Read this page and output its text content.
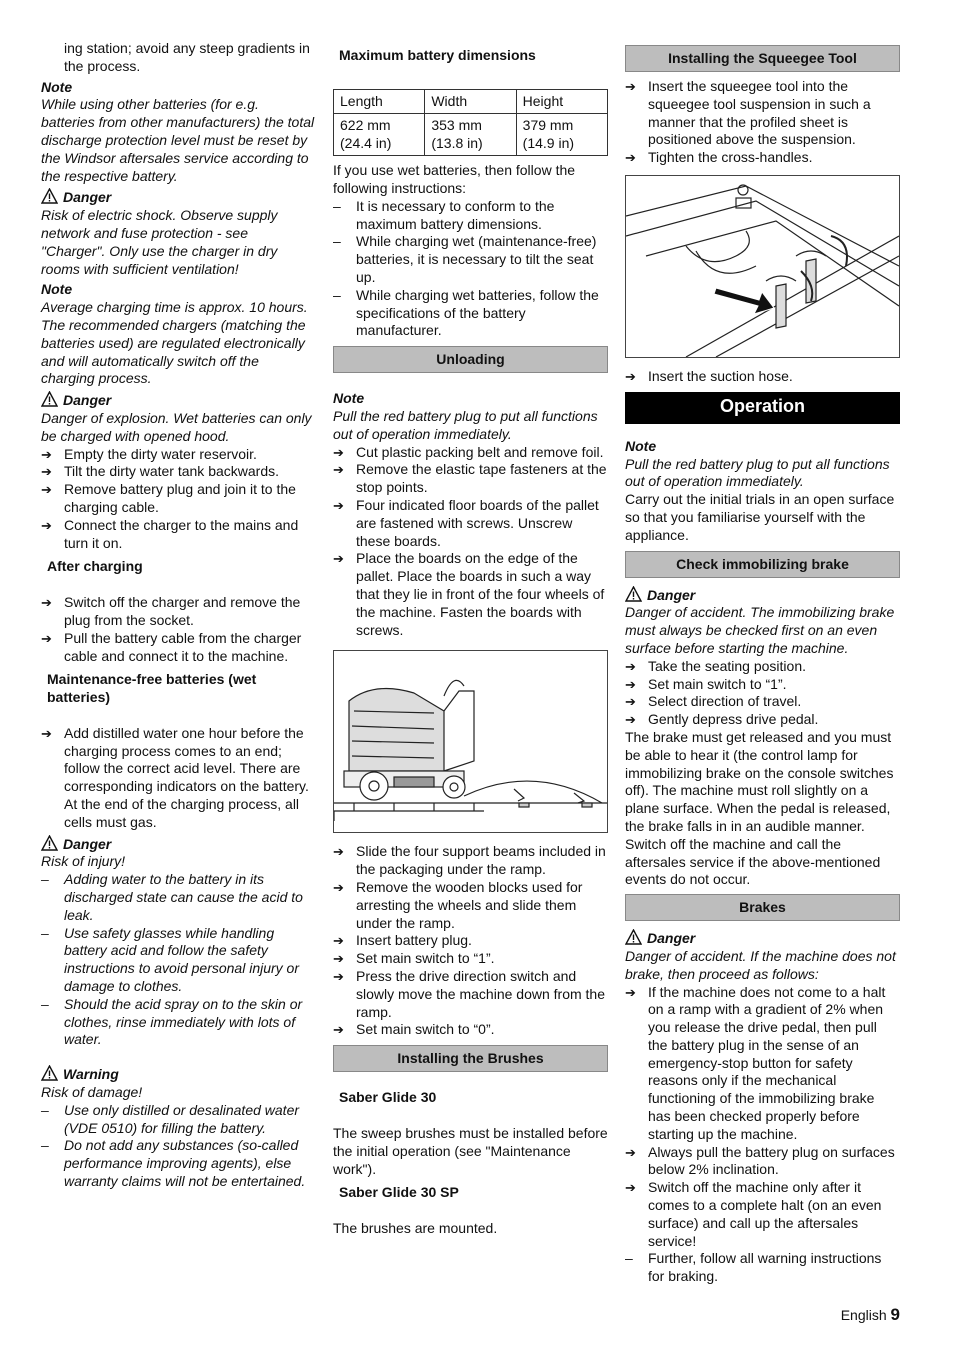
ing station; avoid any steep gradients in the process.

Note

While using other batteries (for e.g. batteries from other manufacturers) the total discharge protection level must be reset by the Windsor aftersales service according to the respective battery.

Danger

Risk of electric shock. Observe supply network and fuse protection - see "Charger". Only use the charger in dry rooms with sufficient ventilation!

Note

Average charging time is approx. 10 hours. The recommended chargers (matching the batteries used) are regulated electronically and will automatically switch off the charging process.

Danger

Danger of explosion. Wet batteries can only be charged with opened hood.

➔ Empty the dirty water reservoir.

➔ Tilt the dirty water tank backwards.

➔ Remove battery plug and join it to the charging cable.

➔ Connect the charger to the mains and turn it on.

After charging

➔ Switch off the charger and remove the plug from the socket.

➔ Pull the battery cable from the charger cable and connect it to the machine.

Maintenance-free batteries (wet batteries)

➔ Add distilled water one hour before the charging process comes to an end; follow the correct acid level. There are corresponding indicators on the battery. At the end of the charging process, all cells must gas.

Danger

Risk of injury!

– Adding water to the battery in its discharged state can cause the acid to leak.

– Use safety glasses while handling battery acid and follow the safety instructions to avoid personal injury or damage to clothes.

– Should the acid spray on to the skin or clothes, rinse immediately with lots of water.

Warning

Risk of damage!

– Use only distilled or desalinated water (VDE 0510) for filling the battery.

– Do not add any substances (so-called performance improving agents), else warranty claims will not be entertained.

Maximum battery dimensions

Length	Width	Height
622 mm (24.4 in)	353 mm (13.8 in)	379 mm (14.9 in)

If you use wet batteries, then follow the following instructions:

– It is necessary to conform to the maximum battery dimensions.

– While charging wet (maintenance-free) batteries, it is necessary to tilt the seat up.

– While charging wet batteries, follow the specifications of the battery manufacturer.

Unloading

Note

Pull the red battery plug to put all functions out of operation immediately.

➔ Cut plastic packing belt and remove foil.

➔ Remove the elastic tape fasteners at the stop points.

➔ Four indicated floor boards of the pallet are fastened with screws. Unscrew these boards.

➔ Place the boards on the edge of the pallet. Place the boards in such a way that they lie in front of the four wheels of the machine. Fasten the boards with screws.

➔ Slide the four support beams included in the packaging under the ramp.

➔ Remove the wooden blocks used for arresting the wheels and slide them under the ramp.

➔ Insert battery plug.

➔ Set main switch to “1”.

➔ Press the drive direction switch and slowly move the machine down from the ramp.

➔ Set main switch to “0”.

Installing the Brushes

Saber Glide 30

The sweep brushes must be installed before the initial operation (see "Maintenance work").

Saber Glide 30 SP

The brushes are mounted.

Installing the Squeegee Tool

➔ Insert the squeegee tool into the squeegee tool suspension in such a manner that the profiled sheet is positioned above the suspension.

➔ Tighten the cross-handles.

➔ Insert the suction hose.

Operation

Note

Pull the red battery plug to put all functions out of operation immediately.

Carry out the initial trials in an open surface so that you familiarise yourself with the appliance.

Check immobilizing brake

Danger

Danger of accident. The immobilizing brake must always be checked first on an even surface before starting the machine.

➔ Take the seating position.

➔ Set main switch to “1”.

➔ Select direction of travel.

➔ Gently depress drive pedal.

The brake must get released and you must be able to hear it (the control lamp for immobilizing brake on the console switches off). The machine must roll slightly on a plane surface. When the pedal is released, the brake falls in in an audible manner. Switch off the machine and call the aftersales service if the above-mentioned events do not occur.

Brakes

Danger

Danger of accident. If the machine does not brake, then proceed as follows:

➔ If the machine does not come to a halt on a ramp with a gradient of 2% when you release the drive pedal, then pull the battery plug in the sense of an emergency-stop button for safety reasons only if the mechanical functioning of the immobilizing brake has been checked properly before starting up the machine.

➔ Always pull the battery plug on surfaces below 2% inclination.

➔ Switch off the machine only after it comes to a complete halt (on an even surface) and call up the aftersales service!

– Further, follow all warning instructions for braking.

English 9
